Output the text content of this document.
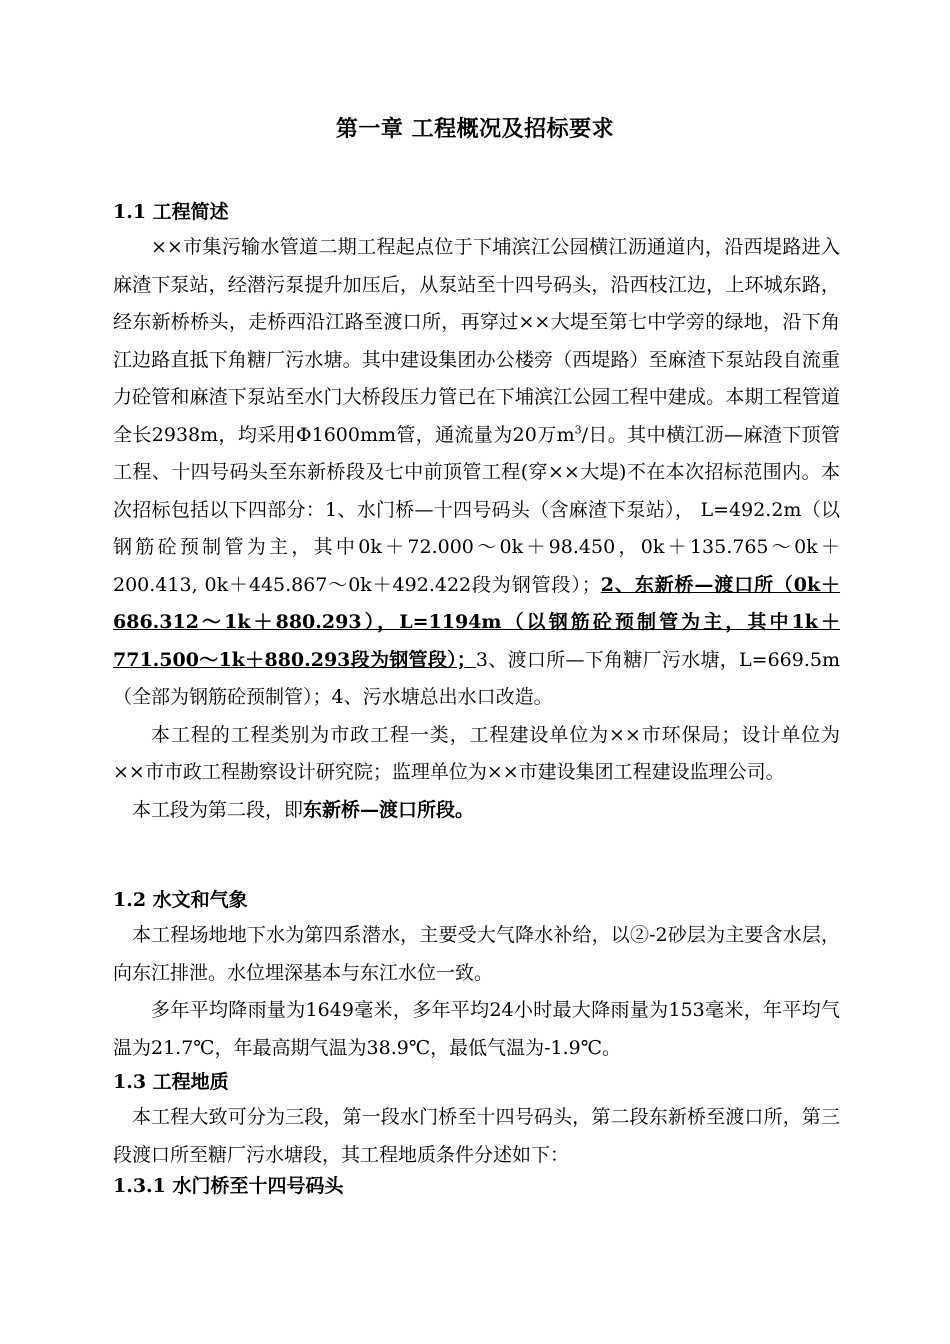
第一章 工程概况及招标要求
1.1 工程简述

××市集污输水管道二期工程起点位于下埔滨江公园横江沥通道内，沿西堤路进入麻渣下泵站，经潜污泵提升加压后，从泵站至十四号码头，沿西枝江边，上环城东路，经东新桥桥头，走桥西沿江路至渡口所，再穿过××大堤至第七中学旁的绿地，沿下角江边路直抵下角糖厂污水塘。其中建设集团办公楼旁（西堤路）至麻渣下泵站段自流重力砼管和麻渣下泵站至水门大桥段压力管已在下埔滨江公园工程中建成。本期工程管道全长2938m，均采用Φ1600mm管，通流量为20万$m^3/$日。其中横江沥—麻渣下顶管工程、十四号码头至东新桥段及七中前顶管工程(穿××大堤)不在本次招标范围内。本次招标包括以下四部分：1、水门桥—十四号码头（含麻渣下泵站）， L=492.2m（以钢筋砼预制管为主，其中0k＋72.000～0k＋98.450，0k＋135.765～0k＋200.413, 0k＋445.867～0k＋492.422段为钢管段）；2、东新桥—渡口所（0k＋686.312～1k＋880.293），L=1194m（以钢筋砼预制管为主，其中1k＋771.500～1k＋880.293段为钢管段）；3、渡口所—下角糖厂污水塘，L=669.5m（全部为钢筋砼预制管）；4、污水塘总出水口改造。

本工程的工程类别为市政工程一类，工程建设单位为××市环保局；设计单位为××市市政工程勘察设计研究院；监理单位为××市建设集团工程建设监理公司。

本工段为第二段，即东新桥—渡口所段。

1.2 水文和气象

本工程场地地下水为第四系潜水，主要受大气降水补给，以②-2砂层为主要含水层，向东江排泄。水位埋深基本与东江水位一致。

多年平均降雨量为1649毫米，多年平均24小时最大降雨量为153毫米，年平均气温为21.7℃，年最高期气温为38.9℃，最低气温为-1.9℃。

1.3 工程地质

本工程大致可分为三段，第一段水门桥至十四号码头，第二段东新桥至渡口所，第三段渡口所至糖厂污水塘段，其工程地质条件分述如下：

1.3.1 水门桥至十四号码头
